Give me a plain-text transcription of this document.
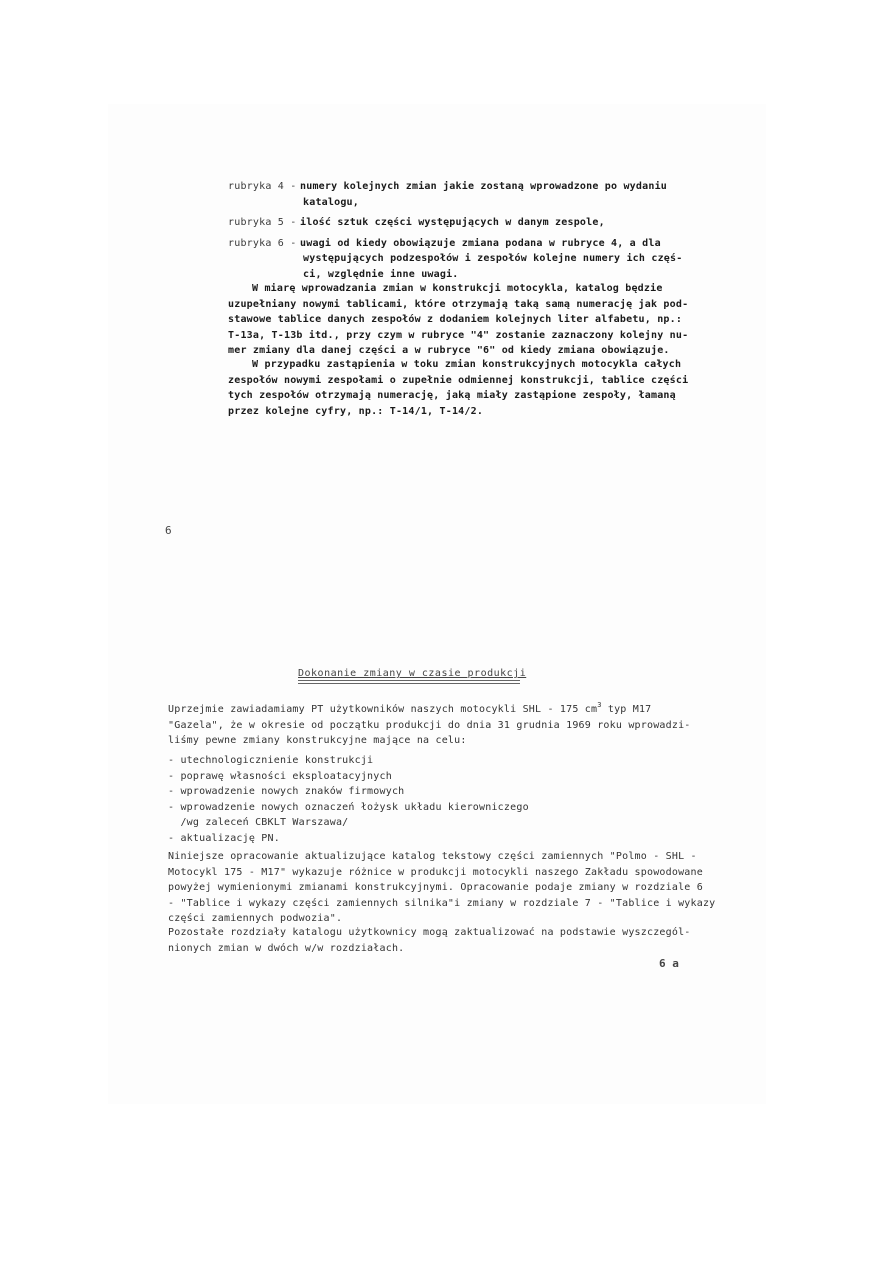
rubryka 4 - numery kolejnych zmian jakie zostaną wprowadzone po wydaniu
katalogu,
rubryka 5 - ilość sztuk części występujących w danym zespole,
rubryka 6 - uwagi od kiedy obowiązuje zmiana podana w rubryce 4, a dla
występujących podzespołów i zespołów kolejne numery ich częś-
ci, względnie inne uwagi.
W miarę wprowadzania zmian w konstrukcji motocykla, katalog będzie
uzupełniany nowymi tablicami, które otrzymają taką samą numerację jak pod-
stawowe tablice danych zespołów z dodaniem kolejnych liter alfabetu, np.:
T-13a, T-13b itd., przy czym w rubryce "4" zostanie zaznaczony kolejny nu-
mer zmiany dla danej części a w rubryce "6" od kiedy zmiana obowiązuje.
W przypadku zastąpienia w toku zmian konstrukcyjnych motocykla całych
zespołów nowymi zespołami o zupełnie odmiennej konstrukcji, tablice części
tych zespołów otrzymają numerację, jaką miały zastąpione zespoły, łamaną
przez kolejne cyfry, np.: T-14/1, T-14/2.
6
Dokonanie zmiany w czasie produkcji
Uprzejmie zawiadamiamy PT użytkowników naszych motocykli SHL - 175 $cm^3$ typ M17
"Gazela", że w okresie od początku produkcji do dnia 31 grudnia 1969 roku wprowadzi-
liśmy pewne zmiany konstrukcyjne mające na celu:
- utechnologicznienie konstrukcji
- poprawę własności eksploatacyjnych
- wprowadzenie nowych znaków firmowych
- wprowadzenie nowych oznaczeń łożysk układu kierowniczego
/wg zaleceń CBKLT Warszawa/
- aktualizację PN.
Niniejsze opracowanie aktualizujące katalog tekstowy części zamiennych "Polmo - SHL -
Motocykl 175 - M17" wykazuje różnice w produkcji motocykli naszego Zakładu spowodowane
powyżej wymienionymi zmianami konstrukcyjnymi. Opracowanie podaje zmiany w rozdziale 6
- "Tablice i wykazy części zamiennych silnika"i zmiany w rozdziale 7 - "Tablice i wykazy
części zamiennych podwozia".
Pozostałe rozdziały katalogu użytkownicy mogą zaktualizować na podstawie wyszczegól-
nionych zmian w dwóch w/w rozdziałach.
6 a
